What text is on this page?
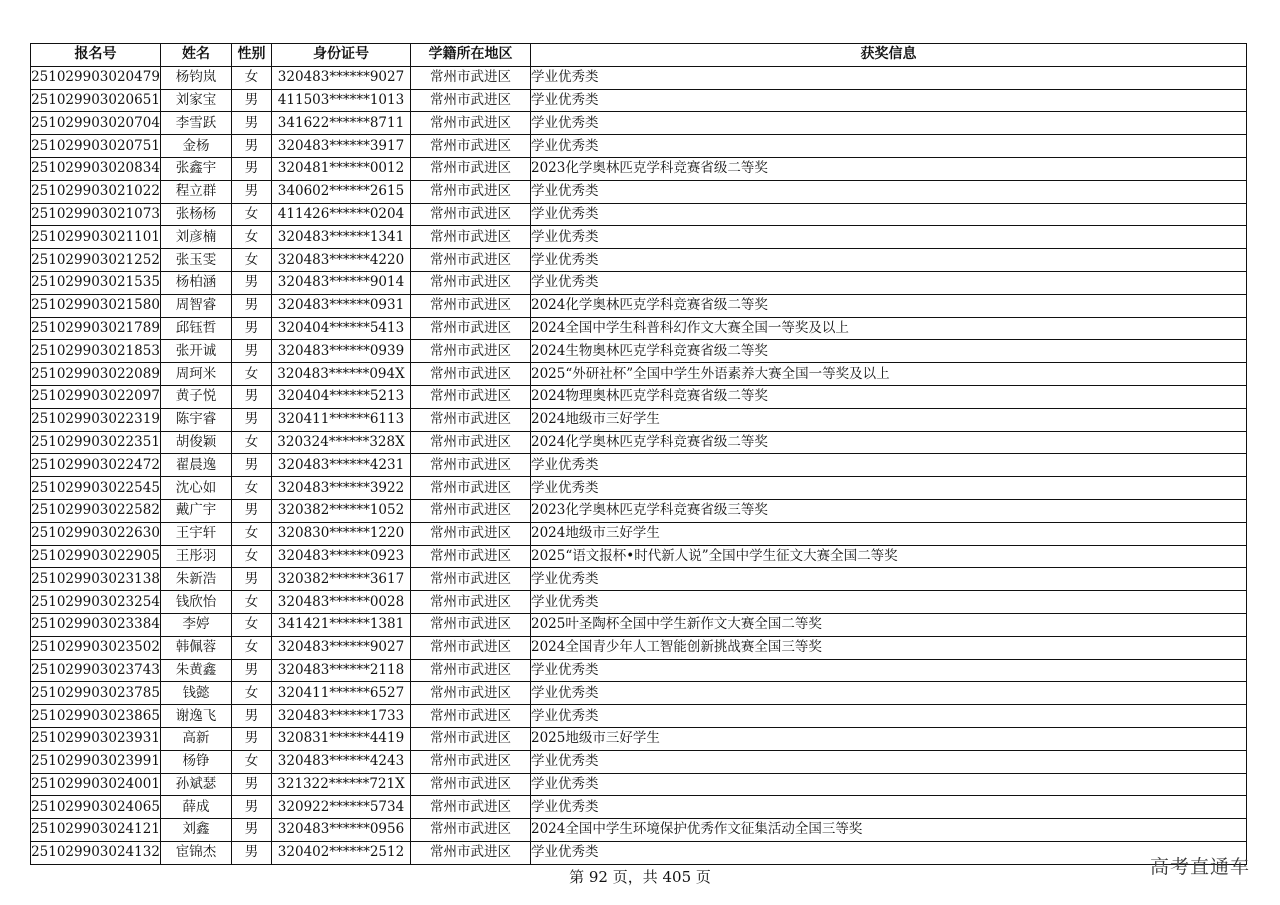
报名号	姓名	性别	身份证号	学籍所在地区	获奖信息
251029903020479	杨钧岚	女	320483******9027	常州市武进区	学业优秀类
251029903020651	刘家宝	男	411503******1013	常州市武进区	学业优秀类
251029903020704	李雪跃	男	341622******8711	常州市武进区	学业优秀类
251029903020751	金杨	男	320483******3917	常州市武进区	学业优秀类
251029903020834	张鑫宇	男	320481******0012	常州市武进区	2023化学奥林匹克学科竞赛省级二等奖
251029903021022	程立群	男	340602******2615	常州市武进区	学业优秀类
251029903021073	张杨杨	女	411426******0204	常州市武进区	学业优秀类
251029903021101	刘彦楠	女	320483******1341	常州市武进区	学业优秀类
251029903021252	张玉雯	女	320483******4220	常州市武进区	学业优秀类
251029903021535	杨柏涵	男	320483******9014	常州市武进区	学业优秀类
251029903021580	周智睿	男	320483******0931	常州市武进区	2024化学奥林匹克学科竞赛省级二等奖
251029903021789	邱钰哲	男	320404******5413	常州市武进区	2024全国中学生科普科幻作文大赛全国一等奖及以上
251029903021853	张开诚	男	320483******0939	常州市武进区	2024生物奥林匹克学科竞赛省级二等奖
251029903022089	周珂米	女	320483******094X	常州市武进区	2025“外研社杯”全国中学生外语素养大赛全国一等奖及以上
251029903022097	黄子悦	男	320404******5213	常州市武进区	2024物理奥林匹克学科竞赛省级二等奖
251029903022319	陈宇睿	男	320411******6113	常州市武进区	2024地级市三好学生
251029903022351	胡俊颖	女	320324******328X	常州市武进区	2024化学奥林匹克学科竞赛省级二等奖
251029903022472	翟晨逸	男	320483******4231	常州市武进区	学业优秀类
251029903022545	沈心如	女	320483******3922	常州市武进区	学业优秀类
251029903022582	戴广宇	男	320382******1052	常州市武进区	2023化学奥林匹克学科竞赛省级三等奖
251029903022630	王宇轩	女	320830******1220	常州市武进区	2024地级市三好学生
251029903022905	王彤羽	女	320483******0923	常州市武进区	2025“语文报杯•时代新人说”全国中学生征文大赛全国二等奖
251029903023138	朱新浩	男	320382******3617	常州市武进区	学业优秀类
251029903023254	钱欣怡	女	320483******0028	常州市武进区	学业优秀类
251029903023384	李婷	女	341421******1381	常州市武进区	2025叶圣陶杯全国中学生新作文大赛全国二等奖
251029903023502	韩佩蓉	女	320483******9027	常州市武进区	2024全国青少年人工智能创新挑战赛全国三等奖
251029903023743	朱黄鑫	男	320483******2118	常州市武进区	学业优秀类
251029903023785	钱懿	女	320411******6527	常州市武进区	学业优秀类
251029903023865	谢逸飞	男	320483******1733	常州市武进区	学业优秀类
251029903023931	高新	男	320831******4419	常州市武进区	2025地级市三好学生
251029903023991	杨铮	女	320483******4243	常州市武进区	学业优秀类
251029903024001	孙斌瑟	男	321322******721X	常州市武进区	学业优秀类
251029903024065	薛成	男	320922******5734	常州市武进区	学业优秀类
251029903024121	刘鑫	男	320483******0956	常州市武进区	2024全国中学生环境保护优秀作文征集活动全国三等奖
251029903024132	宦锦杰	男	320402******2512	常州市武进区	学业优秀类
第 92 页，共 405 页	高考直通车
